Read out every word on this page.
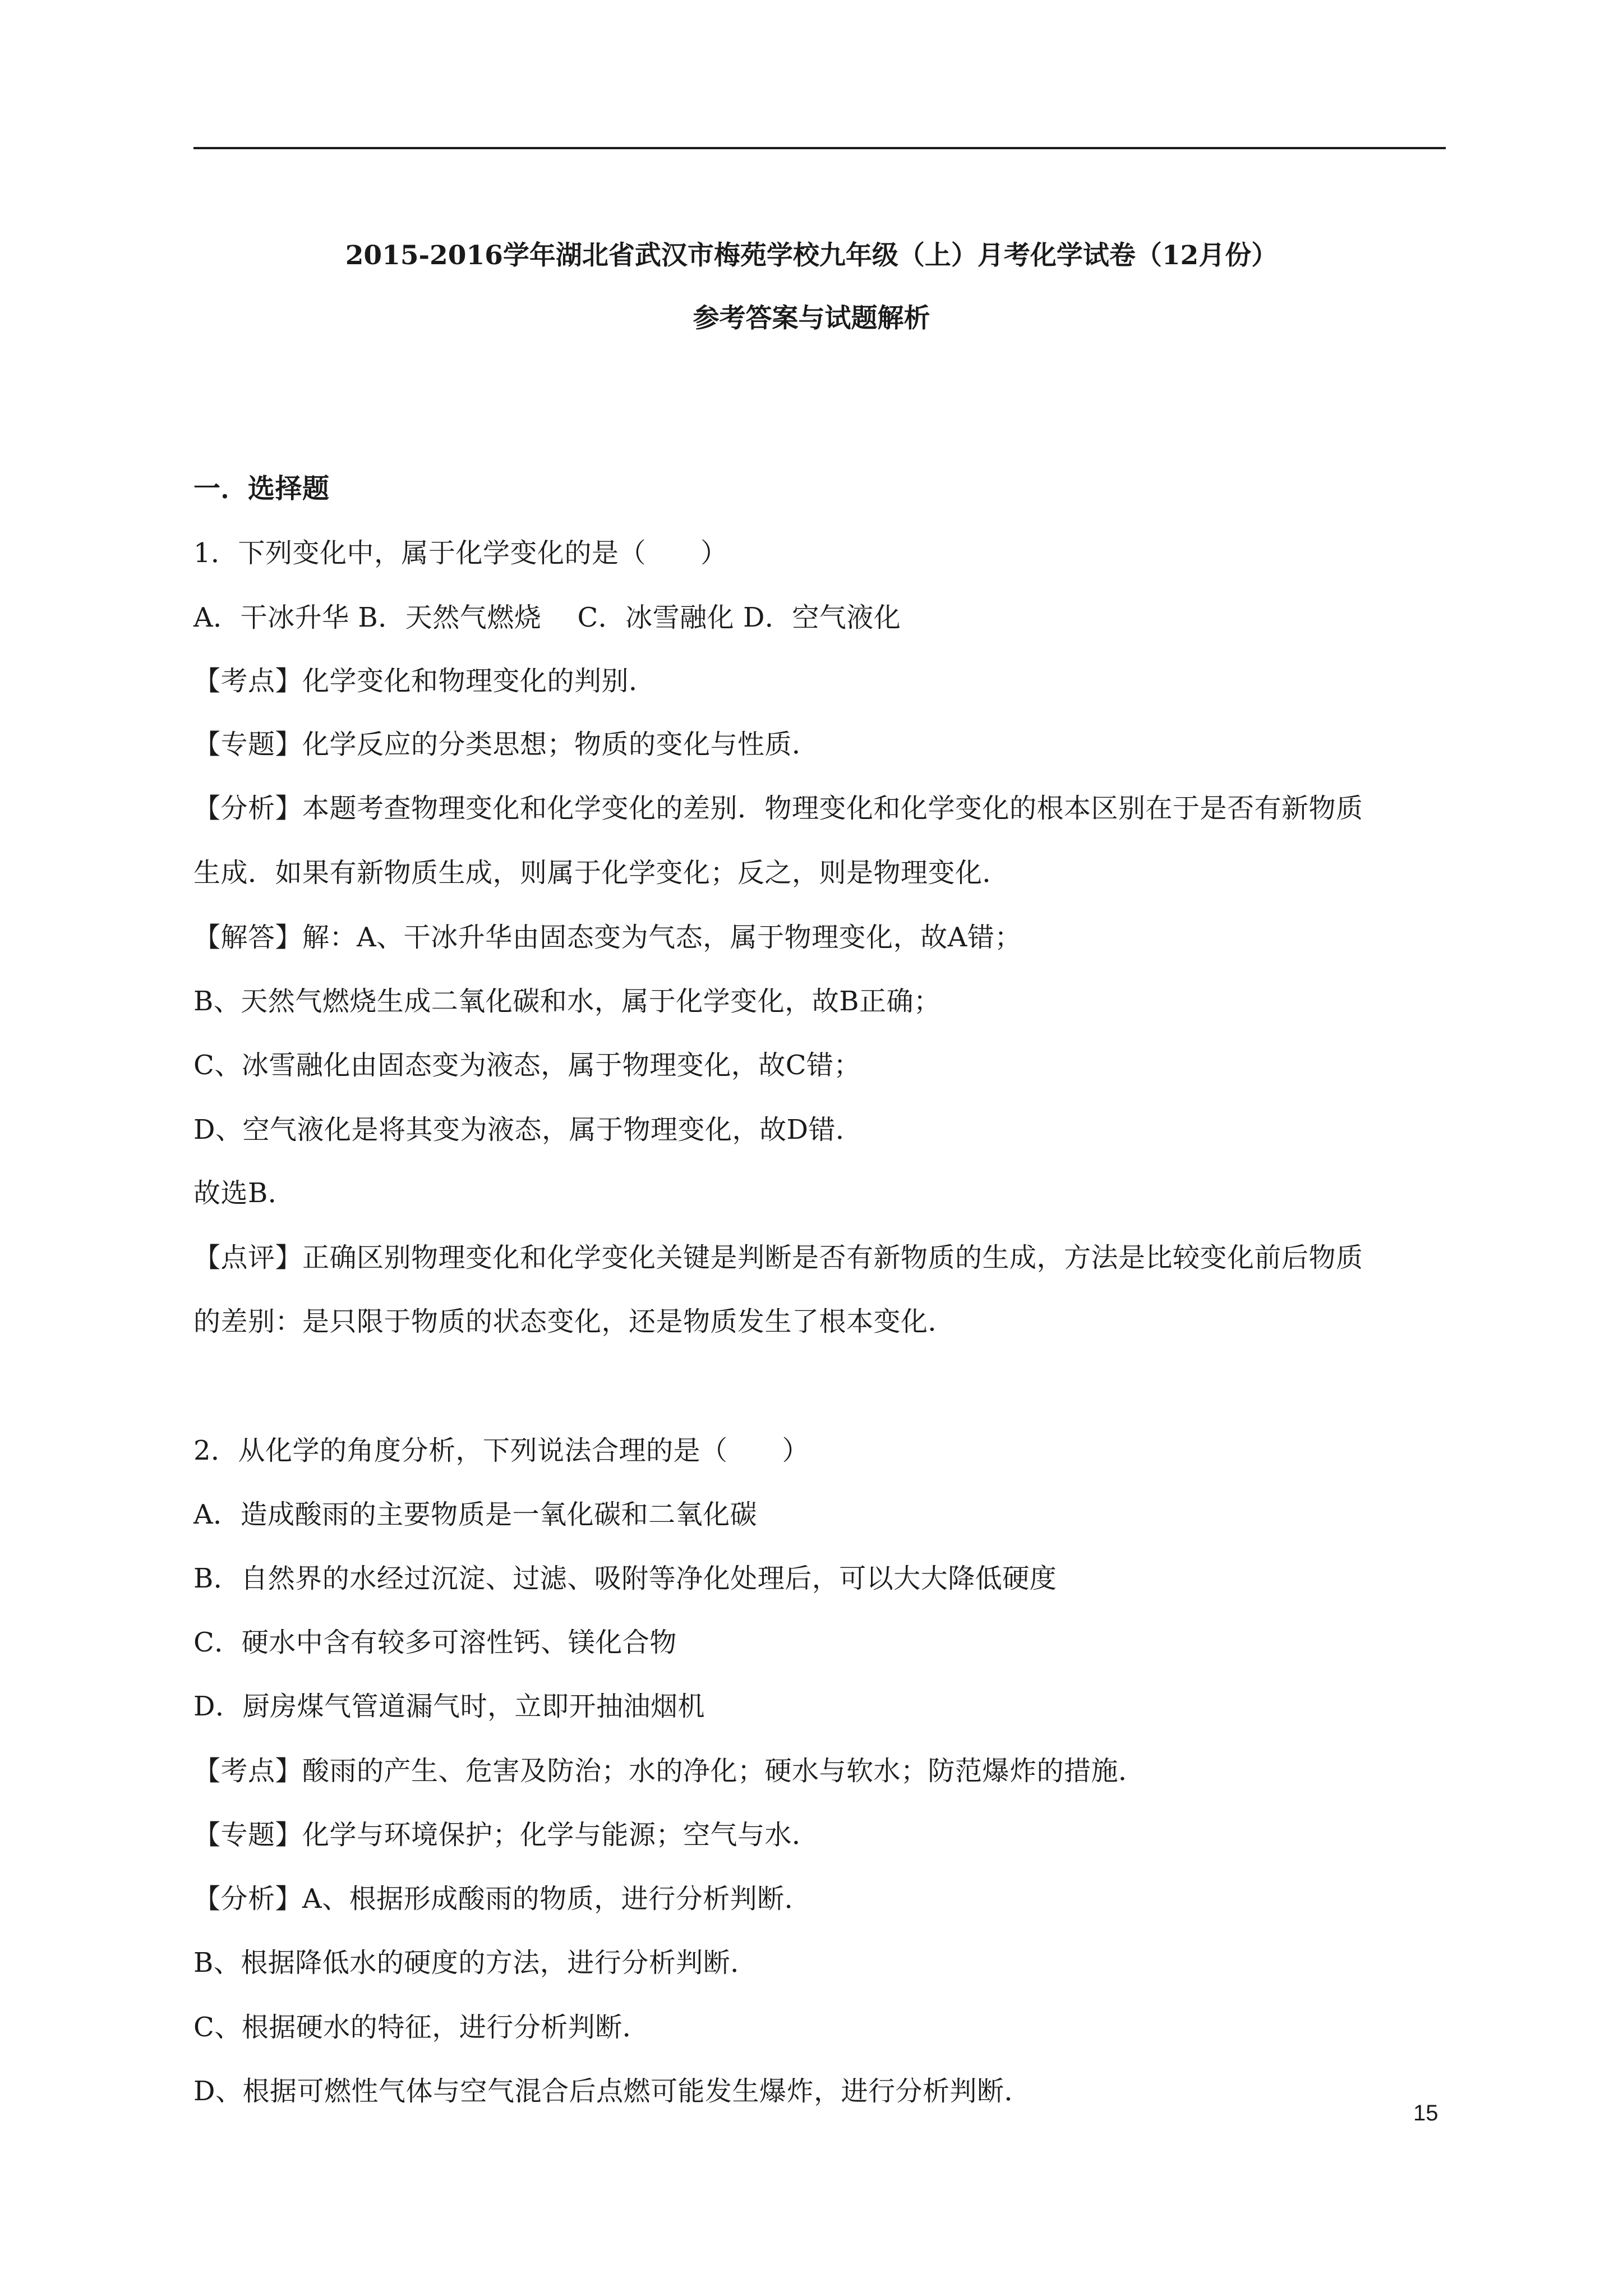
2015-2016学年湖北省武汉市梅苑学校九年级（上）月考化学试卷（12月份）
参考答案与试题解析
一．选择题
1．下列变化中，属于化学变化的是（　　）
A．干冰升华 B．天然气燃烧　 C．冰雪融化 D．空气液化
【考点】化学变化和物理变化的判别．
【专题】化学反应的分类思想；物质的变化与性质．
【分析】本题考查物理变化和化学变化的差别．物理变化和化学变化的根本区别在于是否有新物质
生成．如果有新物质生成，则属于化学变化；反之，则是物理变化．
【解答】解：A、干冰升华由固态变为气态，属于物理变化，故A错；
B、天然气燃烧生成二氧化碳和水，属于化学变化，故B正确；
C、冰雪融化由固态变为液态，属于物理变化，故C错；
D、空气液化是将其变为液态，属于物理变化，故D错．
故选B．
【点评】正确区别物理变化和化学变化关键是判断是否有新物质的生成，方法是比较变化前后物质
的差别：是只限于物质的状态变化，还是物质发生了根本变化．
2．从化学的角度分析，下列说法合理的是（　　）
A．造成酸雨的主要物质是一氧化碳和二氧化碳
B．自然界的水经过沉淀、过滤、吸附等净化处理后，可以大大降低硬度
C．硬水中含有较多可溶性钙、镁化合物
D．厨房煤气管道漏气时，立即开抽油烟机
【考点】酸雨的产生、危害及防治；水的净化；硬水与软水；防范爆炸的措施．
【专题】化学与环境保护；化学与能源；空气与水．
【分析】A、根据形成酸雨的物质，进行分析判断．
B、根据降低水的硬度的方法，进行分析判断．
C、根据硬水的特征，进行分析判断．
D、根据可燃性气体与空气混合后点燃可能发生爆炸，进行分析判断．
15
